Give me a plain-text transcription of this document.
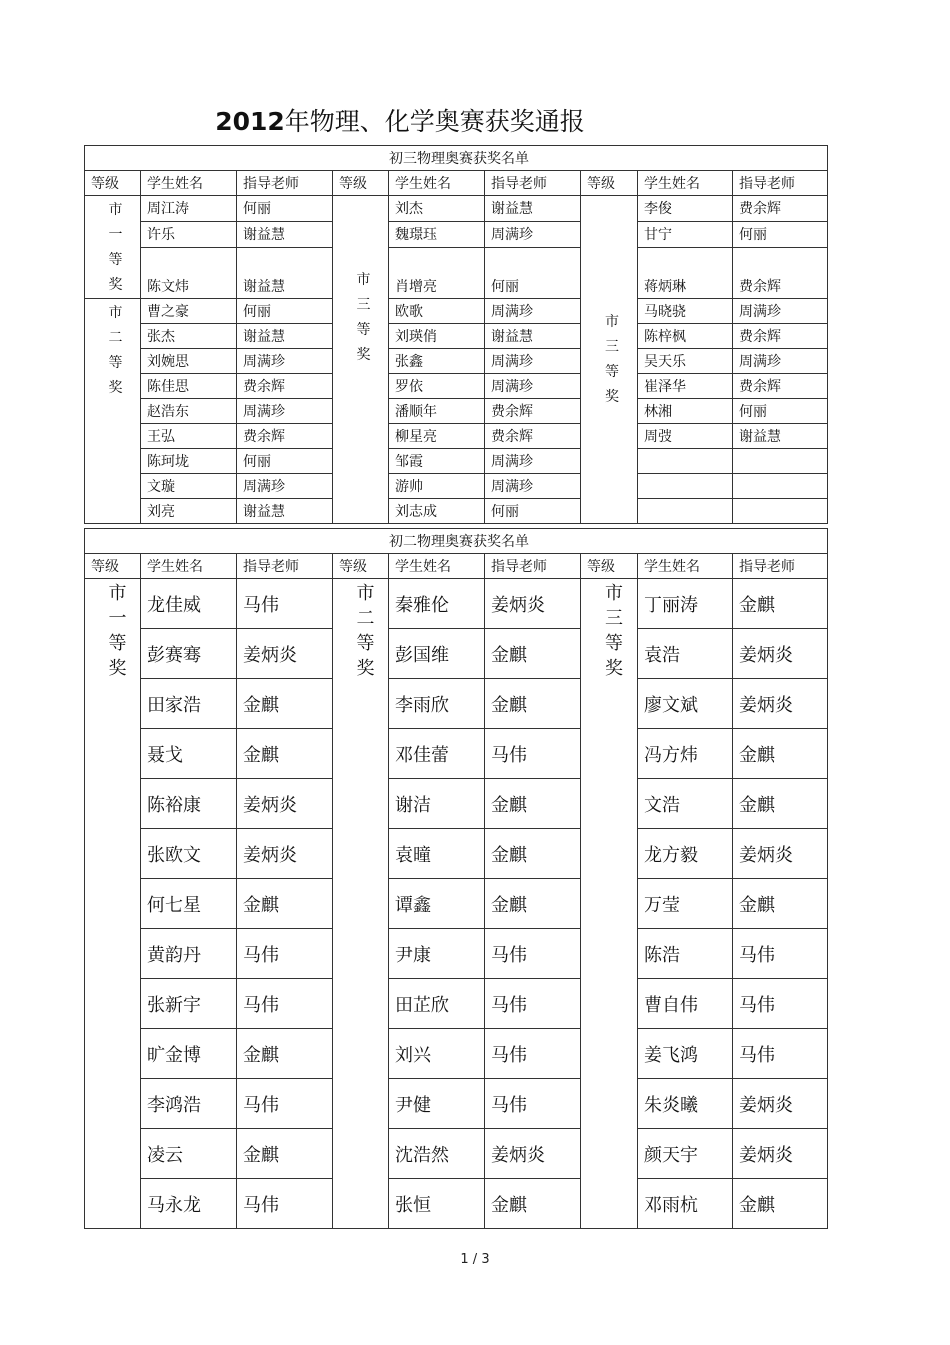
2012年物理、化学奥赛获奖通报
初三物理奥赛获奖名单								
等级	学生姓名	指导老师	等级	学生姓名	指导老师	等级	学生姓名	指导老师
市一等奖	周江涛	何丽	市三等奖	刘杰	谢益慧	市三等奖	李俊	费余辉
	许乐	谢益慧		魏璟珏	周满珍		甘宁	何丽
	陈文炜	谢益慧		肖增亮	何丽		蒋炳琳	费余辉
市二等奖	曹之豪	何丽		欧歌	周满珍		马晓骁	周满珍
	张杰	谢益慧		刘瑛俏	谢益慧		陈梓枫	费余辉
	刘婉思	周满珍		张鑫	周满珍		吴天乐	周满珍
	陈佳思	费余辉		罗依	周满珍		崔泽华	费余辉
	赵浩东	周满珍		潘顺年	费余辉		林湘	何丽
	王弘	费余辉		柳星亮	费余辉		周弢	谢益慧
	陈珂垅	何丽		邹霞	周满珍			
	文璇	周满珍		游帅	周满珍			
	刘亮	谢益慧		刘志成	何丽			
初二物理奥赛获奖名单								
等级	学生姓名	指导老师	等级	学生姓名	指导老师	等级	学生姓名	指导老师
市一等奖	龙佳威	马伟	市二等奖	秦雅伦	姜炳炎	市三等奖	丁丽涛	金麒
	彭赛骞	姜炳炎		彭国维	金麒		袁浩	姜炳炎
	田家浩	金麒		李雨欣	金麒		廖文斌	姜炳炎
	聂戈	金麒		邓佳蕾	马伟		冯方炜	金麒
	陈裕康	姜炳炎		谢洁	金麒		文浩	金麒
	张欧文	姜炳炎		袁曈	金麒		龙方毅	姜炳炎
	何七星	金麒		谭鑫	金麒		万莹	金麒
	黄韵丹	马伟		尹康	马伟		陈浩	马伟
	张新宇	马伟		田芷欣	马伟		曹自伟	马伟
	旷金博	金麒		刘兴	马伟		姜飞鸿	马伟
	李鸿浩	马伟		尹健	马伟		朱炎曦	姜炳炎
	凌云	金麒		沈浩然	姜炳炎		颜天宇	姜炳炎
	马永龙	马伟		张恒	金麒		邓雨杭	金麒
1 / 3
